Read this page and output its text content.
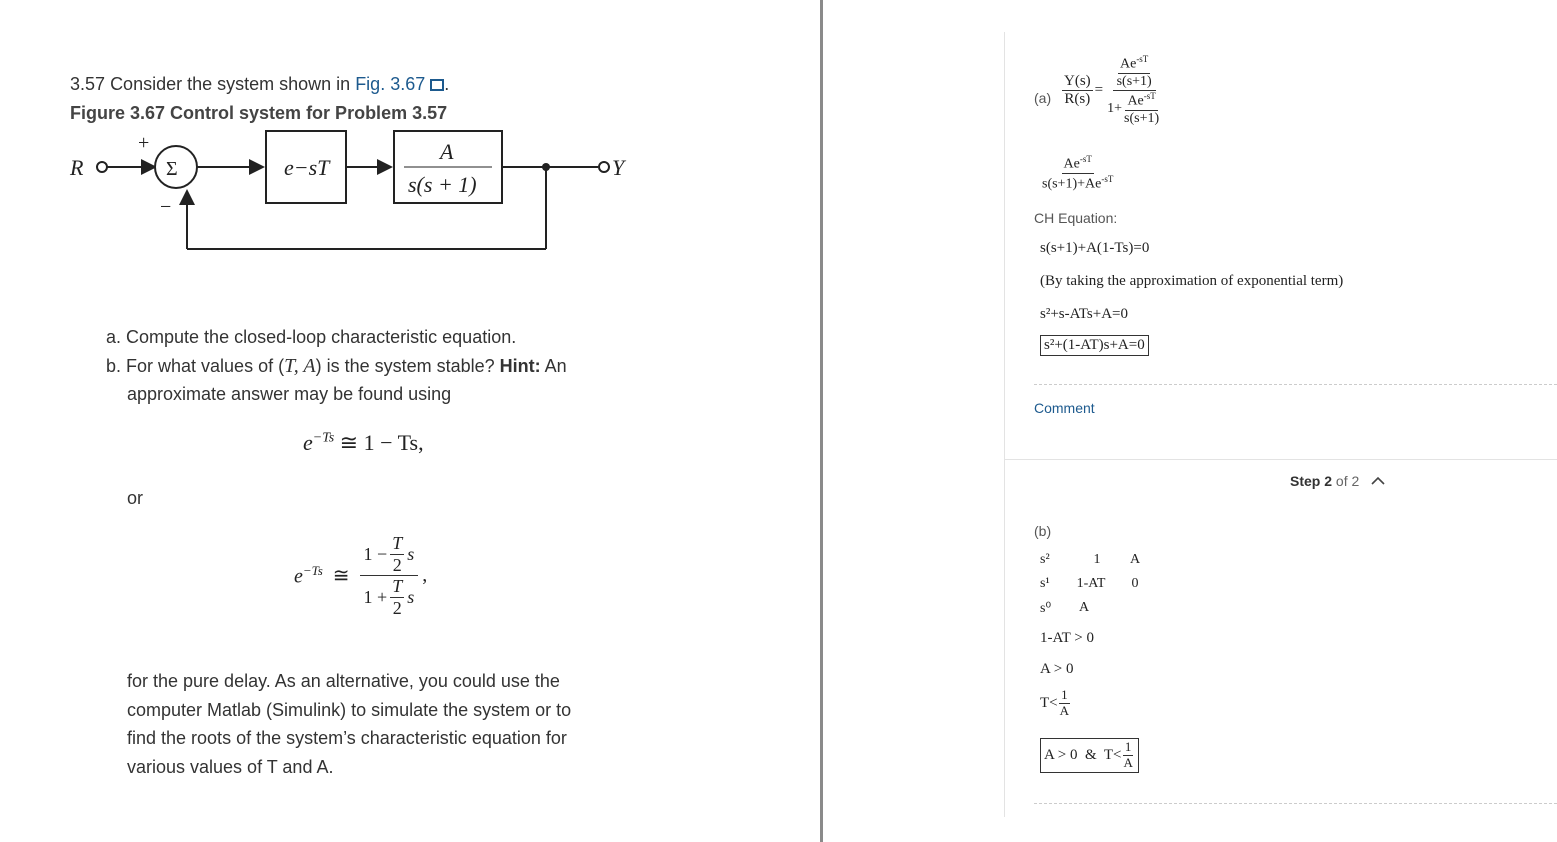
3.57 Consider the system shown in Fig. 3.67 .
Figure 3.67 Control system for Problem 3.57
R	Y
+
−
Σ	e−sT
A
s(s + 1)
a. Compute the closed-loop characteristic equation.
b. For what values of (T, A) is the system stable? Hint: An
approximate answer may be found using
$e^{-Ts}$ ≅ 1 − Ts,
or
$e^{-Ts}$ ≅ $\frac{1 - \frac{T}{2} s}{1 + \frac{T}{2} s}$ ,
for the pure delay. As an alternative, you could use the
computer Matlab (Simulink) to simulate the system or to
find the roots of the system’s characteristic equation for
various values of T and A.
$(a) \frac{Y(s)}{R(s)} = \frac{\frac{Ae^{-sT}}{s(s+1)}}{1+ \frac{Ae^{-sT}}{s(s+1)}}$
$\frac{Ae^{-sT}}{s(s+1)+Ae^{-sT}}$
CH Equation:
s(s+1)+A(1-Ts)=0
(By taking the approximation of exponential term)
s²+s-ATs+A=0
s²+(1-AT)s+A=0
Comment
Step 2 of 2
(b)
s²	1	A
s¹	1-AT	0
s⁰	A
1-AT > 0
A > 0
$T< \frac{1}{A}$
A > 0  &  $T< \frac{1}{A}$
